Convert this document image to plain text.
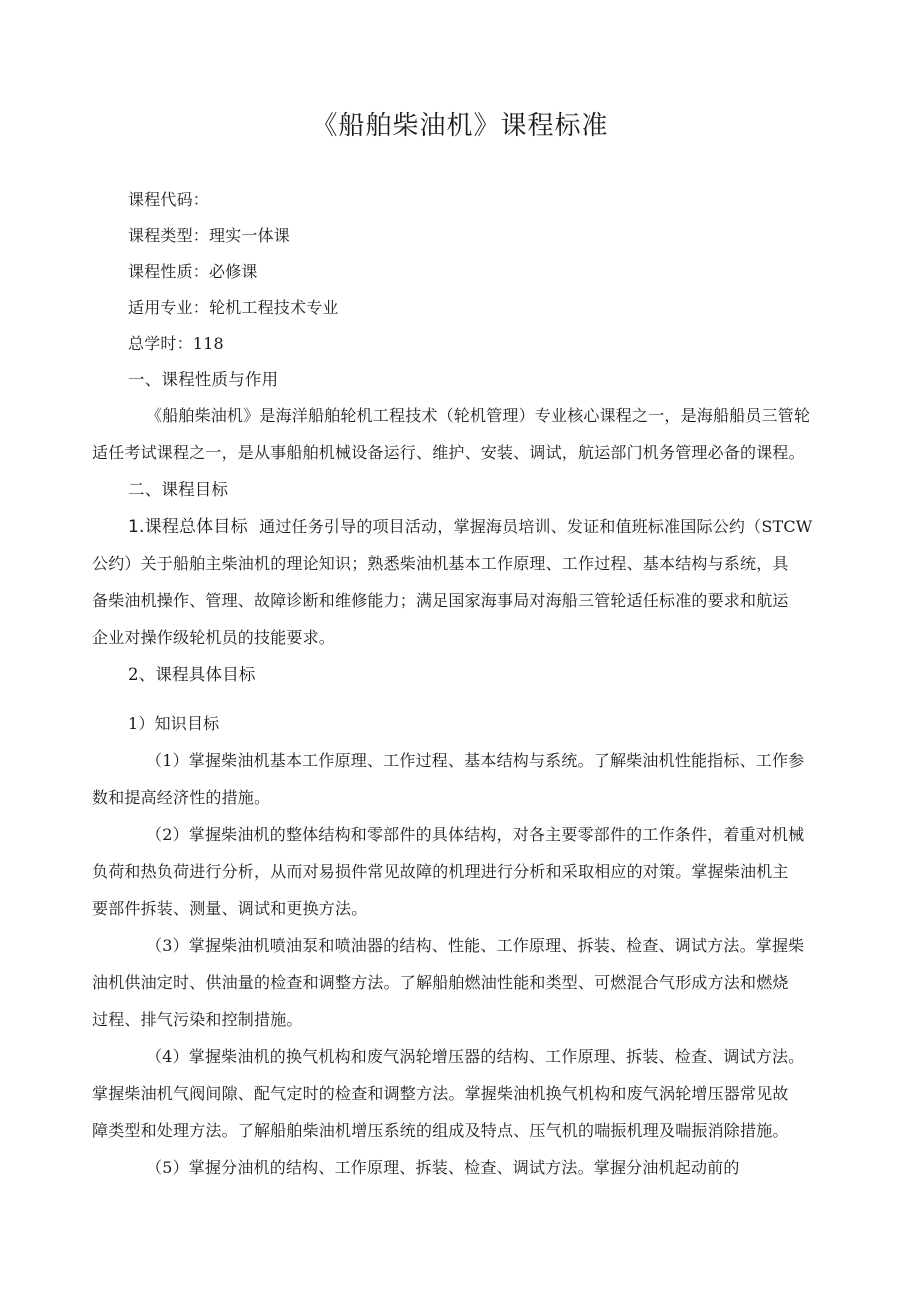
《船舶柴油机》课程标准

课程代码：

课程类型：理实一体课

课程性质：必修课

适用专业：轮机工程技术专业

总学时：118

一、课程性质与作用

《船舶柴油机》是海洋船舶轮机工程技术（轮机管理）专业核心课程之一，是海船船员三管轮

适任考试课程之一，是从事船舶机械设备运行、维护、安装、调试，航运部门机务管理必备的课程。

二、课程目标

1.课程总体目标 通过任务引导的项目活动，掌握海员培训、发证和值班标准国际公约（STCW

公约）关于船舶主柴油机的理论知识；熟悉柴油机基本工作原理、工作过程、基本结构与系统，具

备柴油机操作、管理、故障诊断和维修能力；满足国家海事局对海船三管轮适任标准的要求和航运

企业对操作级轮机员的技能要求。

2、课程具体目标

1）知识目标

（1）掌握柴油机基本工作原理、工作过程、基本结构与系统。了解柴油机性能指标、工作参

数和提高经济性的措施。

（2）掌握柴油机的整体结构和零部件的具体结构，对各主要零部件的工作条件，着重对机械

负荷和热负荷进行分析，从而对易损件常见故障的机理进行分析和采取相应的对策。掌握柴油机主

要部件拆装、测量、调试和更换方法。

（3）掌握柴油机喷油泵和喷油器的结构、性能、工作原理、拆装、检查、调试方法。掌握柴

油机供油定时、供油量的检查和调整方法。了解船舶燃油性能和类型、可燃混合气形成方法和燃烧

过程、排气污染和控制措施。

（4）掌握柴油机的换气机构和废气涡轮增压器的结构、工作原理、拆装、检查、调试方法。

掌握柴油机气阀间隙、配气定时的检查和调整方法。掌握柴油机换气机构和废气涡轮增压器常见故

障类型和处理方法。了解船舶柴油机增压系统的组成及特点、压气机的喘振机理及喘振消除措施。

（5）掌握分油机的结构、工作原理、拆装、检查、调试方法。掌握分油机起动前的
